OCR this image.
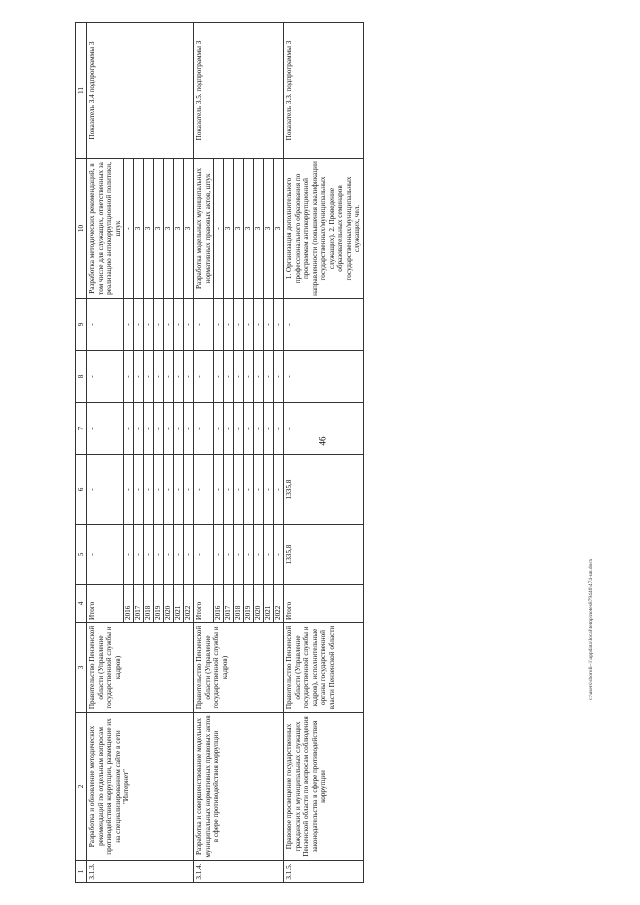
46
1	2	3	4	5	6	7	8	9	10	11
3.1.3.	Разработка и обновление методических рекомендаций по отдельным вопросам противодействия коррупции, размещение их на специализированном сайте в сети "Интернет"	Правительство Пензенской области (Управление государственной службы и кадров)	Итого	-	-	-	-	-	Разработка методических рекомендаций, в том числе для служащих, ответственных за реализацию антикоррупционной политики, штук	Показатель 3.4 подпрограммы 3
			2016	-	-	-	-	-	-	
			2017	-	-	-	-	-	3	
			2018	-	-	-	-	-	3	
			2019	-	-	-	-	-	3	
			2020	-	-	-	-	-	3	
			2021	-	-	-	-	-	3	
			2022	-	-	-	-	-	3	
3.1.4.	Разработка и совершенствование модельных муниципальных нормативных правовых актов в сфере противодействия коррупции	Правительство Пензенской области (Управление государственной службы и кадров)	Итого	-	-	-	-	-	Разработка модельных муниципальных нормативных правовых актов, штук	Показатель 3.5. подпрограммы 3
			2016	-	-	-	-	-	-	
			2017	-	-	-	-	-	3	
			2018	-	-	-	-	-	3	
			2019	-	-	-	-	-	3	
			2020	-	-	-	-	-	3	
			2021	-	-	-	-	-	3	
			2022	-	-	-	-	-	3	
3.1.5.	Правовое просвещение государственных гражданских и муниципальных служащих Пензенской области по вопросам соблюдения законодательства в сфере противодействия коррупции	Правительство Пензенской области (Управление государственной службы и кадров), исполнительные органы государственной власти Пензенской области	Итого	1335,8	1335,8	-	-	-	1. Организация дополнительного профессионального образования по программам антикоррупционной направленности (повышения квалификации государственных/муниципальных служащих). 2. Проведение образовательных семинаров государственных/муниципальных служащих, чел.	Показатель 3.3. подпрограммы 3
c:\users\sboroli~1\appdata\local\temp\notes879446\474-un.docx
